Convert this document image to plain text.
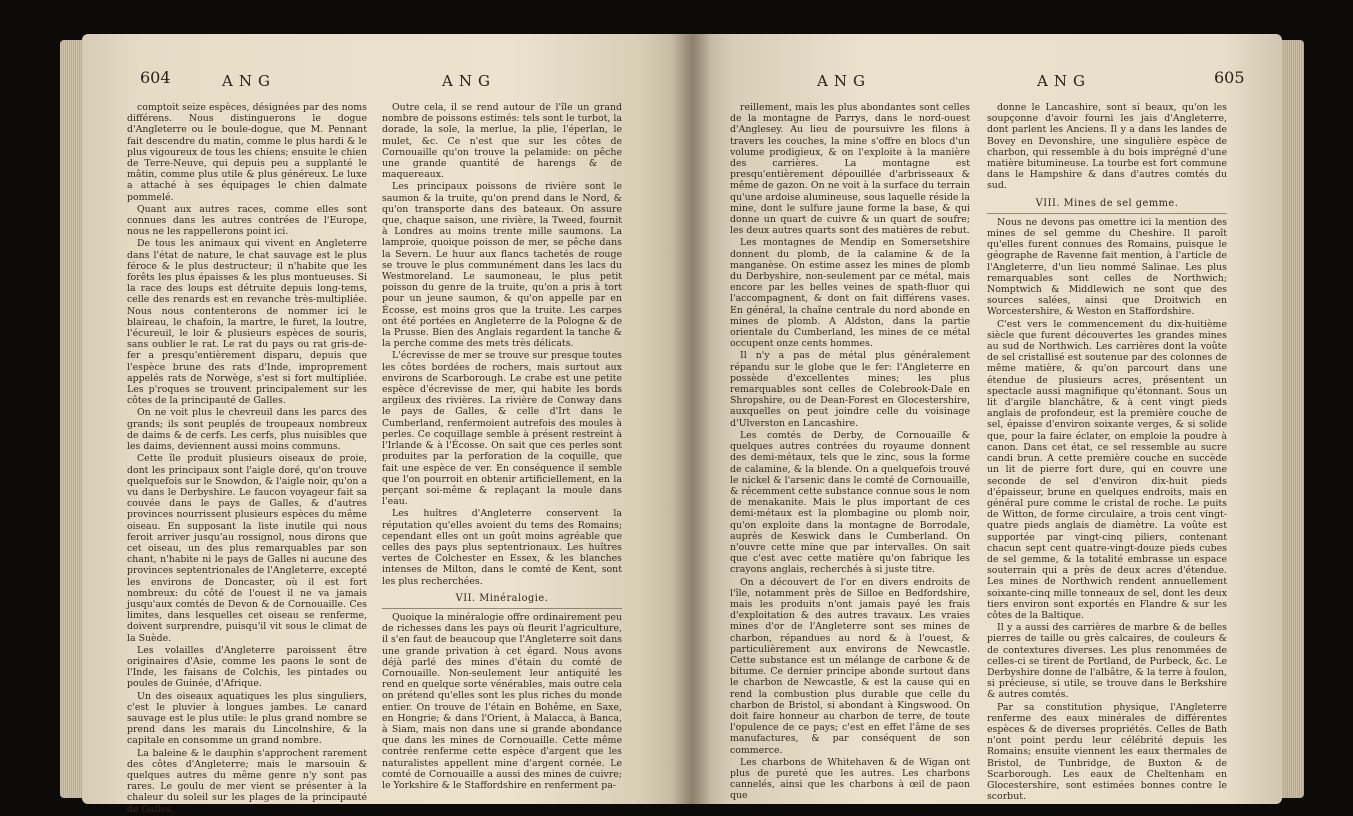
604	ANG	ANG

comptoit seize espèces, désignées par des noms différens. Nous distinguerons le dogue d'Angleterre ou le boule-dogue, que M. Pennant fait descendre du matin, comme le plus hardi & le plus vigoureux de tous les chiens; ensuite le chien de Terre-Neuve, qui depuis peu a supplanté le mâtin, comme plus utile & plus généreux. Le luxe a attaché à ses équipages le chien dalmate pommelé.

Quant aux autres races, comme elles sont connues dans les autres contrées de l'Europe, nous ne les rappellerons point ici.

De tous les animaux qui vivent en Angleterre dans l'état de nature, le chat sauvage est le plus féroce & le plus destructeur; il n'habite que les forêts les plus épaisses & les plus montueuses. Si la race des loups est détruite depuis long-tems, celle des renards est en revanche très-multipliée. Nous nous contenterons de nommer ici le blaireau, le chafoin, la martre, le furet, la loutre, l'écureuil, le loir & plusieurs espèces de souris, sans oublier le rat. Le rat du pays ou rat gris-de-fer a presqu'entièrement disparu, depuis que l'espèce brune des rats d'Inde, improprement appelés rats de Norwège, s'est si fort multipliée. Les p'roques se trouvent principalement sur les côtes de la principauté de Galles.

On ne voit plus le chevreuil dans les parcs des grands; ils sont peuplés de troupeaux nombreux de daims & de cerfs. Les cerfs, plus nuisibles que les daims, deviennent aussi moins communs.

Cette île produit plusieurs oiseaux de proie, dont les principaux sont l'aigle doré, qu'on trouve quelquefois sur le Snowdon, & l'aigle noir, qu'on a vu dans le Derbyshire. Le faucon voyageur fait sa couvée dans le pays de Galles, & d'autres provinces nourrissent plusieurs espèces du même oiseau. En supposant la liste inutile qui nous feroit arriver jusqu'au rossignol, nous dirons que cet oiseau, un des plus remarquables par son chant, n'habite ni le pays de Galles ni aucune des provinces septentrionales de l'Angleterre, excepté les environs de Doncaster, où il est fort nombreux: du côté de l'ouest il ne va jamais jusqu'aux comtés de Devon & de Cornouaille. Ces limites, dans lesquelles cet oiseau se renferme, doivent surprendre, puisqu'il vit sous le climat de la Suède.

Les volailles d'Angleterre paroissent être originaires d'Asie, comme les paons le sont de l'Inde, les faisans de Colchis, les pintades ou poules de Guinée, d'Afrique.

Un des oiseaux aquatiques les plus singuliers, c'est le pluvier à longues jambes. Le canard sauvage est le plus utile: le plus grand nombre se prend dans les marais du Lincolnshire, & la capitale en consomme un grand nombre.

La baleine & le dauphin s'approchent rarement des côtes d'Angleterre; mais le marsouin & quelques autres du même genre n'y sont pas rares. Le goulu de mer vient se présenter à la chaleur du soleil sur les plages de la principauté de Galles.

Outre cela, il se rend autour de l'île un grand nombre de poissons estimés: tels sont le turbot, la dorade, la sole, la merlue, la plie, l'éperlan, le mulet, &c. Ce n'est que sur les côtes de Cornouaille qu'on trouve la pelamide: on pêche une grande quantité de harengs & de maquereaux.

Les principaux poissons de rivière sont le saumon & la truite, qu'on prend dans le Nord, & qu'on transporte dans des bateaux. On assure que, chaque saison, une rivière, la Tweed, fournit à Londres au moins trente mille saumons. La lamproie, quoique poisson de mer, se pêche dans la Severn. Le huur aux flancs tachetés de rouge se trouve le plus communément dans les lacs du Westmoreland. Le saumoneau, le plus petit poisson du genre de la truite, qu'on a pris à tort pour un jeune saumon, & qu'on appelle par en Écosse, est moins gros que la truite. Les carpes ont été portées en Angleterre de la Pologne & de la Prusse. Bien des Anglais regardent la tanche & la perche comme des mets très délicats.

L'écrevisse de mer se trouve sur presque toutes les côtes bordées de rochers, mais surtout aux environs de Scarborough. Le crabe est une petite espèce d'écrevisse de mer, qui habite les bords argileux des rivières. La rivière de Conway dans le pays de Galles, & celle d'Irt dans le Cumberland, renfermoient autrefois des moules à perles. Ce coquillage semble à présent restreint à l'Irlande & à l'Écosse. On sait que ces perles sont produites par la perforation de la coquille, que fait une espèce de ver. En conséquence il semble que l'on pourroit en obtenir artificiellement, en la perçant soi-même & replaçant la moule dans l'eau.

Les huîtres d'Angleterre conservent la réputation qu'elles avoient du tems des Romains; cependant elles ont un goût moins agréable que celles des pays plus septentrionaux. Les huîtres vertes de Colchester en Essex, & les blanches intenses de Milton, dans le comté de Kent, sont les plus recherchées.

VII. Minéralogie.

Quoique la minéralogie offre ordinairement peu de richesses dans les pays où fleurit l'agriculture, il s'en faut de beaucoup que l'Angleterre soit dans une grande privation à cet égard. Nous avons déjà parlé des mines d'étain du comté de Cornouaille. Non-seulement leur antiquité les rend en quelque sorte vénérables, mais outre cela on prétend qu'elles sont les plus riches du monde entier. On trouve de l'étain en Bohême, en Saxe, en Hongrie; & dans l'Orient, à Malacca, à Banca, à Siam, mais non dans une si grande abondance que dans les mines de Cornouaille. Cette même contrée renferme cette espèce d'argent que les naturalistes appellent mine d'argent cornée. Le comté de Cornouaille a aussi des mines de cuivre; le Yorkshire & le Staffordshire en renferment pa-

ANG	ANG	605

reillement, mais les plus abondantes sont celles de la montagne de Parrys, dans le nord-ouest d'Anglesey. Au lieu de poursuivre les filons à travers les couches, la mine s'offre en blocs d'un volume prodigieux, & on l'exploite à la manière des carrières. La montagne est presqu'entièrement dépouillée d'arbrisseaux & même de gazon. On ne voit à la surface du terrain qu'une ardoise alumineuse, sous laquelle réside la mine, dont le sulfure jaune forme la base, & qui donne un quart de cuivre & un quart de soufre; les deux autres quarts sont des matières de rebut.

Les montagnes de Mendip en Somersetshire donnent du plomb, de la calamine & de la manganèse. On estime assez les mines de plomb du Derbyshire, non-seulement par ce métal, mais encore par les belles veines de spath-fluor qui l'accompagnent, & dont on fait différens vases. En général, la chaîne centrale du nord abonde en mines de plomb. A Aldston, dans la partie orientale du Cumberland, les mines de ce métal occupent onze cents hommes.

Il n'y a pas de métal plus généralement répandu sur le globe que le fer: l'Angleterre en possède d'excellentes mines; les plus remarquables sont celles de Colebrook-Dale en Shropshire, ou de Dean-Forest en Glocestershire, auxquelles on peut joindre celle du voisinage d'Ulverston en Lancashire.

Les comtés de Derby, de Cornouaille & quelques autres contrées du royaume donnent des demi-métaux, tels que le zinc, sous la forme de calamine, & la blende. On a quelquefois trouvé le nickel & l'arsenic dans le comté de Cornouaille, & récemment cette substance connue sous le nom de menakanite. Mais le plus important de ces demi-métaux est la plombagine ou plomb noir, qu'on exploite dans la montagne de Borrodale, auprès de Keswick dans le Cumberland. On n'ouvre cette mine que par intervalles. On sait que c'est avec cette matière qu'on fabrique les crayons anglais, recherchés à si juste titre.

On a découvert de l'or en divers endroits de l'île, notamment près de Silloe en Bedfordshire, mais les produits n'ont jamais payé les frais d'exploitation & des autres travaux. Les vraies mines d'or de l'Angleterre sont ses mines de charbon, répandues au nord & à l'ouest, & particulièrement aux environs de Newcastle. Cette substance est un mélange de carbone & de bitume. Ce dernier principe abonde surtout dans le charbon de Newcastle, & est la cause qui en rend la combustion plus durable que celle du charbon de Bristol, si abondant à Kingswood. On doit faire honneur au charbon de terre, de toute l'opulence de ce pays; c'est en effet l'âme de ses manufactures, & par conséquent de son commerce.

Les charbons de Whitehaven & de Wigan ont plus de pureté que les autres. Les charbons cannelés, ainsi que les charbons à œil de paon que

donne le Lancashire, sont si beaux, qu'on les soupçonne d'avoir fourni les jais d'Angleterre, dont parlent les Anciens. Il y a dans les landes de Bovey en Devonshire, une singulière espèce de charbon, qui ressemble à du bois imprégné d'une matière bitumineuse. La tourbe est fort commune dans le Hampshire & dans d'autres comtés du sud.

VIII. Mines de sel gemme.

Nous ne devons pas omettre ici la mention des mines de sel gemme du Cheshire. Il paroît qu'elles furent connues des Romains, puisque le géographe de Ravenne fait mention, à l'article de l'Angleterre, d'un lieu nommé Salinae. Les plus remarquables sont celles de Northwich; Nomptwich & Middlewich ne sont que des sources salées, ainsi que Droitwich en Worcestershire, & Weston en Staffordshire.

C'est vers le commencement du dix-huitième siècle que furent découvertes les grandes mines au sud de Northwich. Les carrières dont la voûte de sel cristallisé est soutenue par des colonnes de même matière, & qu'on parcourt dans une étendue de plusieurs acres, présentent un spectacle aussi magnifique qu'étonnant. Sous un lit d'argile blanchâtre, & à cent vingt pieds anglais de profondeur, est la première couche de sel, épaisse d'environ soixante verges, & si solide que, pour la faire éclater, on emploie la poudre à canon. Dans cet état, ce sel ressemble au sucre candi brun. A cette première couche en succède un lit de pierre fort dure, qui en couvre une seconde de sel d'environ dix-huit pieds d'épaisseur, brune en quelques endroits, mais en général pure comme le cristal de roche. Le puits de Witton, de forme circulaire, a trois cent vingt-quatre pieds anglais de diamètre. La voûte est supportée par vingt-cinq piliers, contenant chacun sept cent quatre-vingt-douze pieds cubes de sel gemme, & la totalité embrasse un espace souterrain qui a près de deux acres d'étendue. Les mines de Northwich rendent annuellement soixante-cinq mille tonneaux de sel, dont les deux tiers environ sont exportés en Flandre & sur les côtes de la Baltique.

Il y a aussi des carrières de marbre & de belles pierres de taille ou grès calcaires, de couleurs & de contextures diverses. Les plus renommées de celles-ci se tirent de Portland, de Purbeck, &c. Le Derbyshire donne de l'albâtre, & la terre à foulon, si précieuse, si utile, se trouve dans le Berkshire & autres comtés.

Par sa constitution physique, l'Angleterre renferme des eaux minérales de différentes espèces & de diverses propriétés. Celles de Bath n'ont point perdu leur célébrité depuis les Romains; ensuite viennent les eaux thermales de Bristol, de Tunbridge, de Buxton & de Scarborough. Les eaux de Cheltenham en Glocestershire, sont estimées bonnes contre le scorbut.
